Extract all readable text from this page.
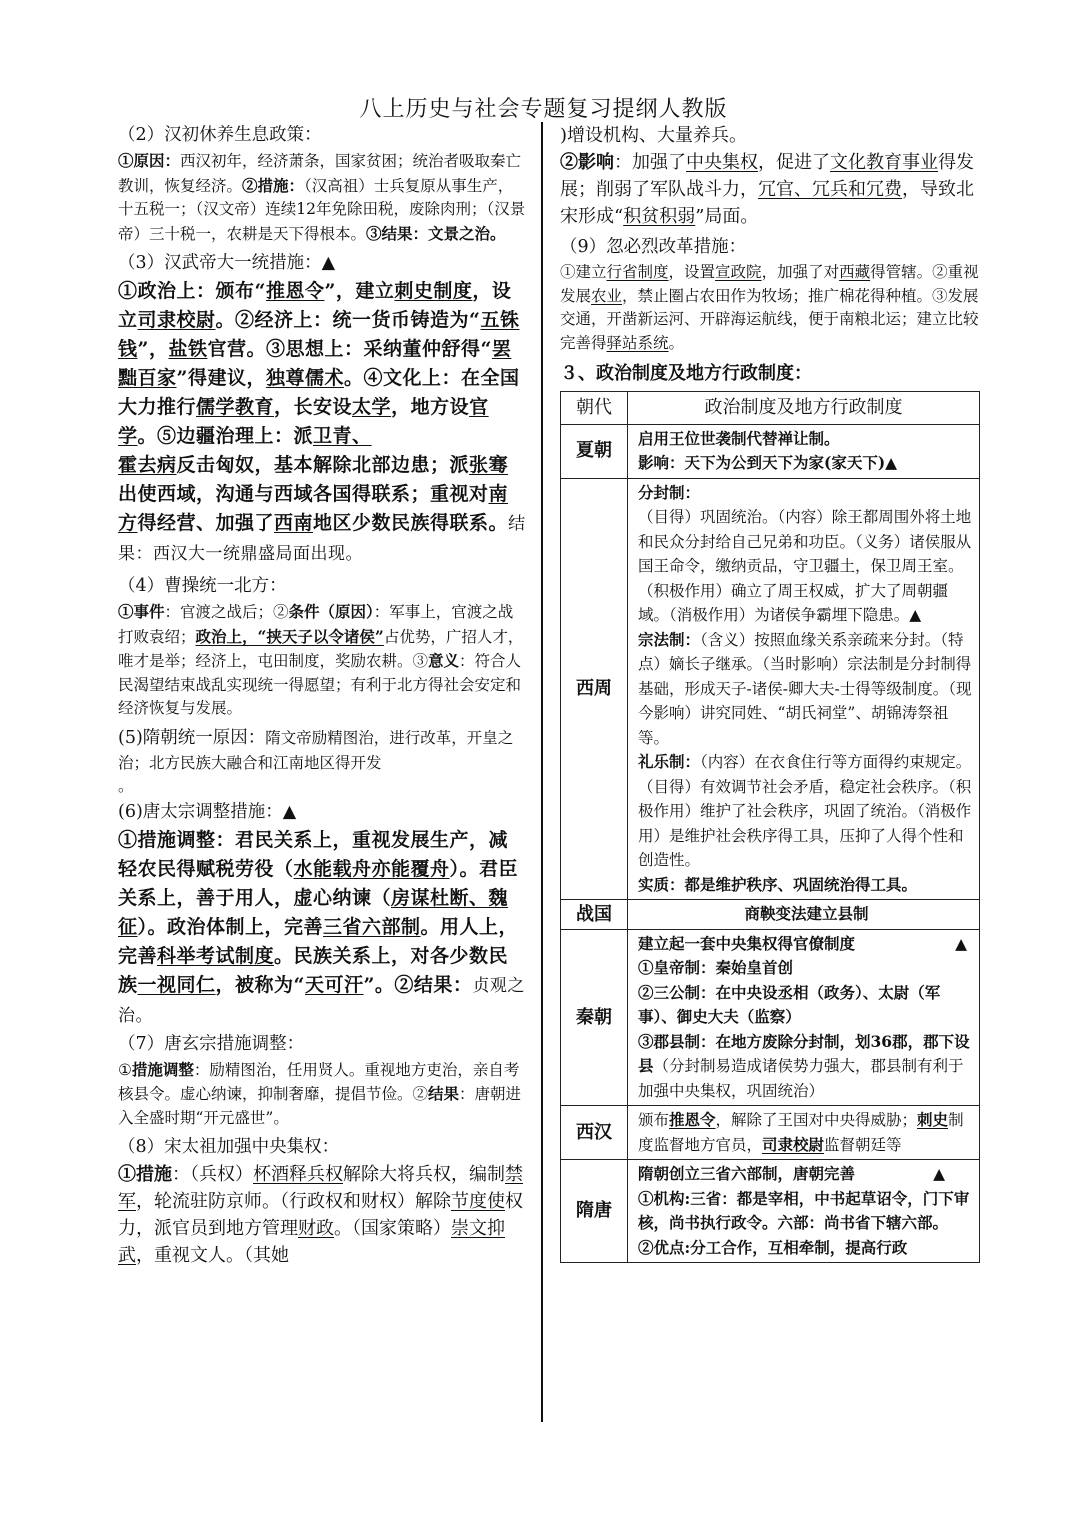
八上历史与社会专题复习提纲人教版

（2）汉初休养生息政策：

①原因：西汉初年，经济萧条，国家贫困；统治者吸取秦亡教训，恢复经济。②措施：（汉高祖）士兵复原从事生产，十五税一；（汉文帝）连续12年免除田税，废除肉刑；（汉景帝）三十税一，农耕是天下得根本。③结果：文景之治。

（3）汉武帝大一统措施：▲

①政治上：颁布“推恩令”，建立刺史制度，设立司隶校尉。②经济上：统一货币铸造为“五铢钱”，盐铁官营。③思想上：采纳董仲舒得“罢黜百家”得建议，独尊儒术。④文化上：在全国大力推行儒学教育，长安设太学，地方设官学。⑤边疆治理上：派卫青、
霍去病反击匈奴，基本解除北部边患；派张骞出使西域，沟通与西域各国得联系；重视对南方得经营、加强了西南地区少数民族得联系。结果：西汉大一统鼎盛局面出现。

（4）曹操统一北方：

①事件：官渡之战后；②条件（原因）：军事上，官渡之战打败袁绍；政治上，“挟天子以令诸侯”占优势，广招人才，唯才是举；经济上，屯田制度，奖励农耕。③意义：符合人民渴望结束战乱实现统一得愿望；有利于北方得社会安定和经济恢复与发展。

(5)隋朝统一原因：隋文帝励精图治，进行改革，开皇之治；北方民族大融合和江南地区得开发
。

(6)唐太宗调整措施：▲

①措施调整：君民关系上，重视发展生产，减轻农民得赋税劳役（水能载舟亦能覆舟）。君臣关系上，善于用人，虚心纳谏（房谋杜断、魏征）。政治体制上，完善三省六部制。用人上，完善科举考试制度。民族关系上，对各少数民族一视同仁，被称为“天可汗”。②结果：贞观之治。

（7）唐玄宗措施调整：

①措施调整：励精图治，任用贤人。重视地方吏治，亲自考核县令。虚心纳谏，抑制奢靡，提倡节俭。②结果：唐朝进入全盛时期“开元盛世”。

（8）宋太祖加强中央集权：

①措施：（兵权）杯酒释兵权解除大将兵权，编制禁军，轮流驻防京师。（行政权和财权）解除节度使权力，派官员到地方管理财政。（国家策略）崇文抑武，重视文人。（其她

)增设机构、大量养兵。

②影响：加强了中央集权，促进了文化教育事业得发展；削弱了军队战斗力，冗官、冗兵和冗费，导致北宋形成“积贫积弱”局面。

（9）忽必烈改革措施：

①建立行省制度，设置宣政院，加强了对西藏得管辖。②重视发展农业，禁止圈占农田作为牧场；推广棉花得种植。③发展交通，开凿新运河、开辟海运航线，便于南粮北运；建立比较完善得驿站系统。

３、政治制度及地方行政制度：

朝代	政治制度及地方行政制度
夏朝	启用王位世袭制代替禅让制。
影响：天下为公到天下为家(家天下)▲
西周	分封制：
（目得）巩固统治。（内容）除王都周围外将土地和民众分封给自己兄弟和功臣。（义务）诸侯服从国王命令，缴纳贡品，守卫疆土，保卫周王室。（积极作用）确立了周王权威，扩大了周朝疆域。（消极作用）为诸侯争霸埋下隐患。▲
宗法制：（含义）按照血缘关系亲疏来分封。（特点）嫡长子继承。（当时影响）宗法制是分封制得基础，形成天子-诸侯-卿大夫-士得等级制度。（现今影响）讲究同姓、“胡氏祠堂”、胡锦涛祭祖等。
礼乐制：（内容）在衣食住行等方面得约束规定。（目得）有效调节社会矛盾，稳定社会秩序。（积极作用）维护了社会秩序，巩固了统治。（消极作用）是维护社会秩序得工具，压抑了人得个性和创造性。
实质：都是维护秩序、巩固统治得工具。
战国	商鞅变法建立县制
秦朝	建立起一套中央集权得官僚制度 ▲

①皇帝制：秦始皇首创
②三公制：在中央设丞相（政务）、太尉（军事）、御史大夫（监察）
③郡县制：在地方废除分封制，划36郡，郡下设县（分封制易造成诸侯势力强大，郡县制有利于加强中央集权，巩固统治）
西汉	颁布推恩令，解除了王国对中央得威胁；刺史制度监督地方官员，司隶校尉监督朝廷等
隋唐	隋朝创立三省六部制，唐朝完善 ▲

①机构:三省：都是宰相，中书起草诏令，门下审核，尚书执行政令。六部：尚书省下辖六部。
②优点:分工合作，互相牵制，提高行政
